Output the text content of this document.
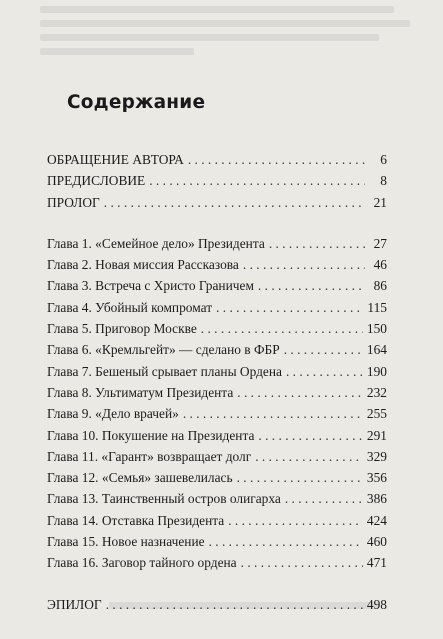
Содержание
ОБРАЩЕНИЕ АВТОРА . . .	6
ПРЕДИСЛОВИЕ . . .	8
ПРОЛОГ . . .	21
Глава 1. «Семейное дело» Президента . . .	27
Глава 2. Новая миссия Рассказова . . .	46
Глава 3. Встреча с Христо Граничем . . .	86
Глава 4. Убойный компромат . . .	115
Глава 5. Приговор Москве . . .	150
Глава 6. «Кремльгейт» — сделано в ФБР . . .	164
Глава 7. Бешеный срывает планы Ордена . . .	190
Глава 8. Ультиматум Президента . . .	232
Глава 9. «Дело врачей» . . .	255
Глава 10. Покушение на Президента . . .	291
Глава 11. «Гарант» возвращает долг . . .	329
Глава 12. «Семья» зашевелилась . . .	356
Глава 13. Таинственный остров олигарха . . .	386
Глава 14. Отставка Президента . . .	424
Глава 15. Новое назначение . . .	460
Глава 16. Заговор тайного ордена . . .	471
ЭПИЛОГ . . .	498
